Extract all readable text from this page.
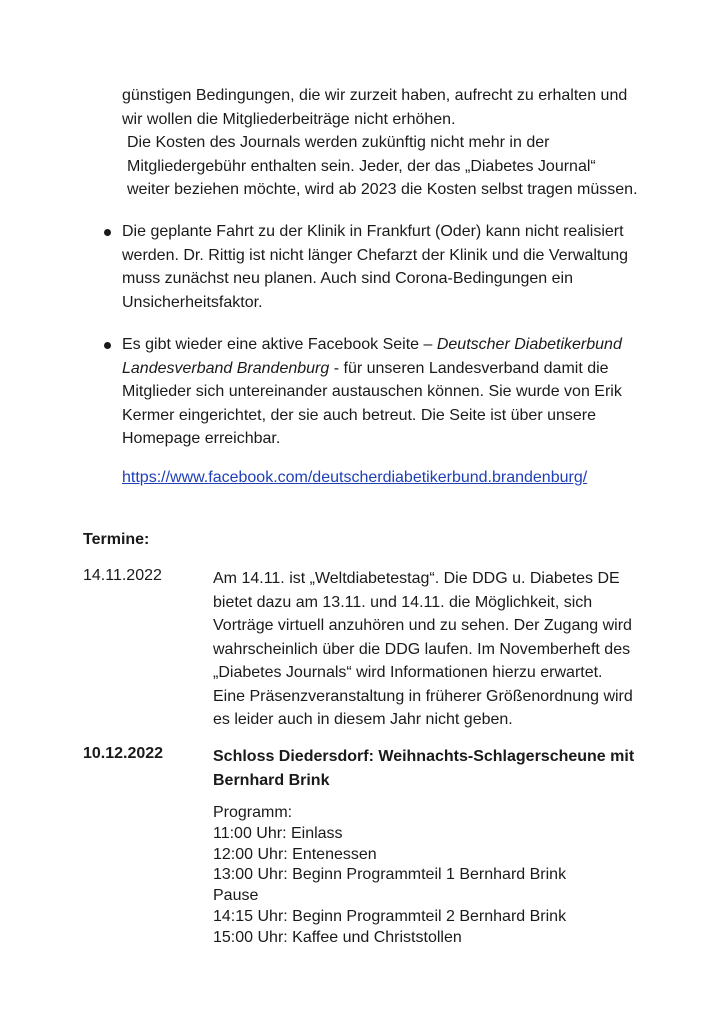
günstigen Bedingungen, die wir zurzeit haben, aufrecht zu erhalten und
wir wollen die Mitgliederbeiträge nicht erhöhen.
Die Kosten des Journals werden zukünftig nicht mehr in der
Mitgliedergebühr enthalten sein. Jeder, der das „Diabetes Journal“
weiter beziehen möchte, wird ab 2023 die Kosten selbst tragen müssen.
Die geplante Fahrt zu der Klinik in Frankfurt (Oder) kann nicht realisiert
werden. Dr. Rittig ist nicht länger Chefarzt der Klinik und die Verwaltung
muss zunächst neu planen. Auch sind Corona-Bedingungen ein
Unsicherheitsfaktor.
Es gibt wieder eine aktive Facebook Seite – Deutscher Diabetikerbund
Landesverband Brandenburg - für unseren Landesverband damit die
Mitglieder sich untereinander austauschen können. Sie wurde von Erik
Kermer eingerichtet, der sie auch betreut. Die Seite ist über unsere
Homepage erreichbar.
https://www.facebook.com/deutscherdiabetikerbund.brandenburg/
Termine:
14.11.2022	Am 14.11. ist „Weltdiabetestag“. Die DDG u. Diabetes DE
bietet dazu am 13.11. und 14.11. die Möglichkeit, sich
Vorträge virtuell anzuhören und zu sehen. Der Zugang wird
wahrscheinlich über die DDG laufen. Im Novemberheft des
„Diabetes Journals“ wird Informationen hierzu erwartet.
Eine Präsenzveranstaltung in früherer Größenordnung wird
es leider auch in diesem Jahr nicht geben.
10.12.2022	Schloss Diedersdorf: Weihnachts-Schlagerscheune mit
Bernhard Brink
Programm:
11:00 Uhr: Einlass
12:00 Uhr: Entenessen
13:00 Uhr: Beginn Programmteil 1 Bernhard Brink
Pause
14:15 Uhr: Beginn Programmteil 2 Bernhard Brink
15:00 Uhr: Kaffee und Christstollen
